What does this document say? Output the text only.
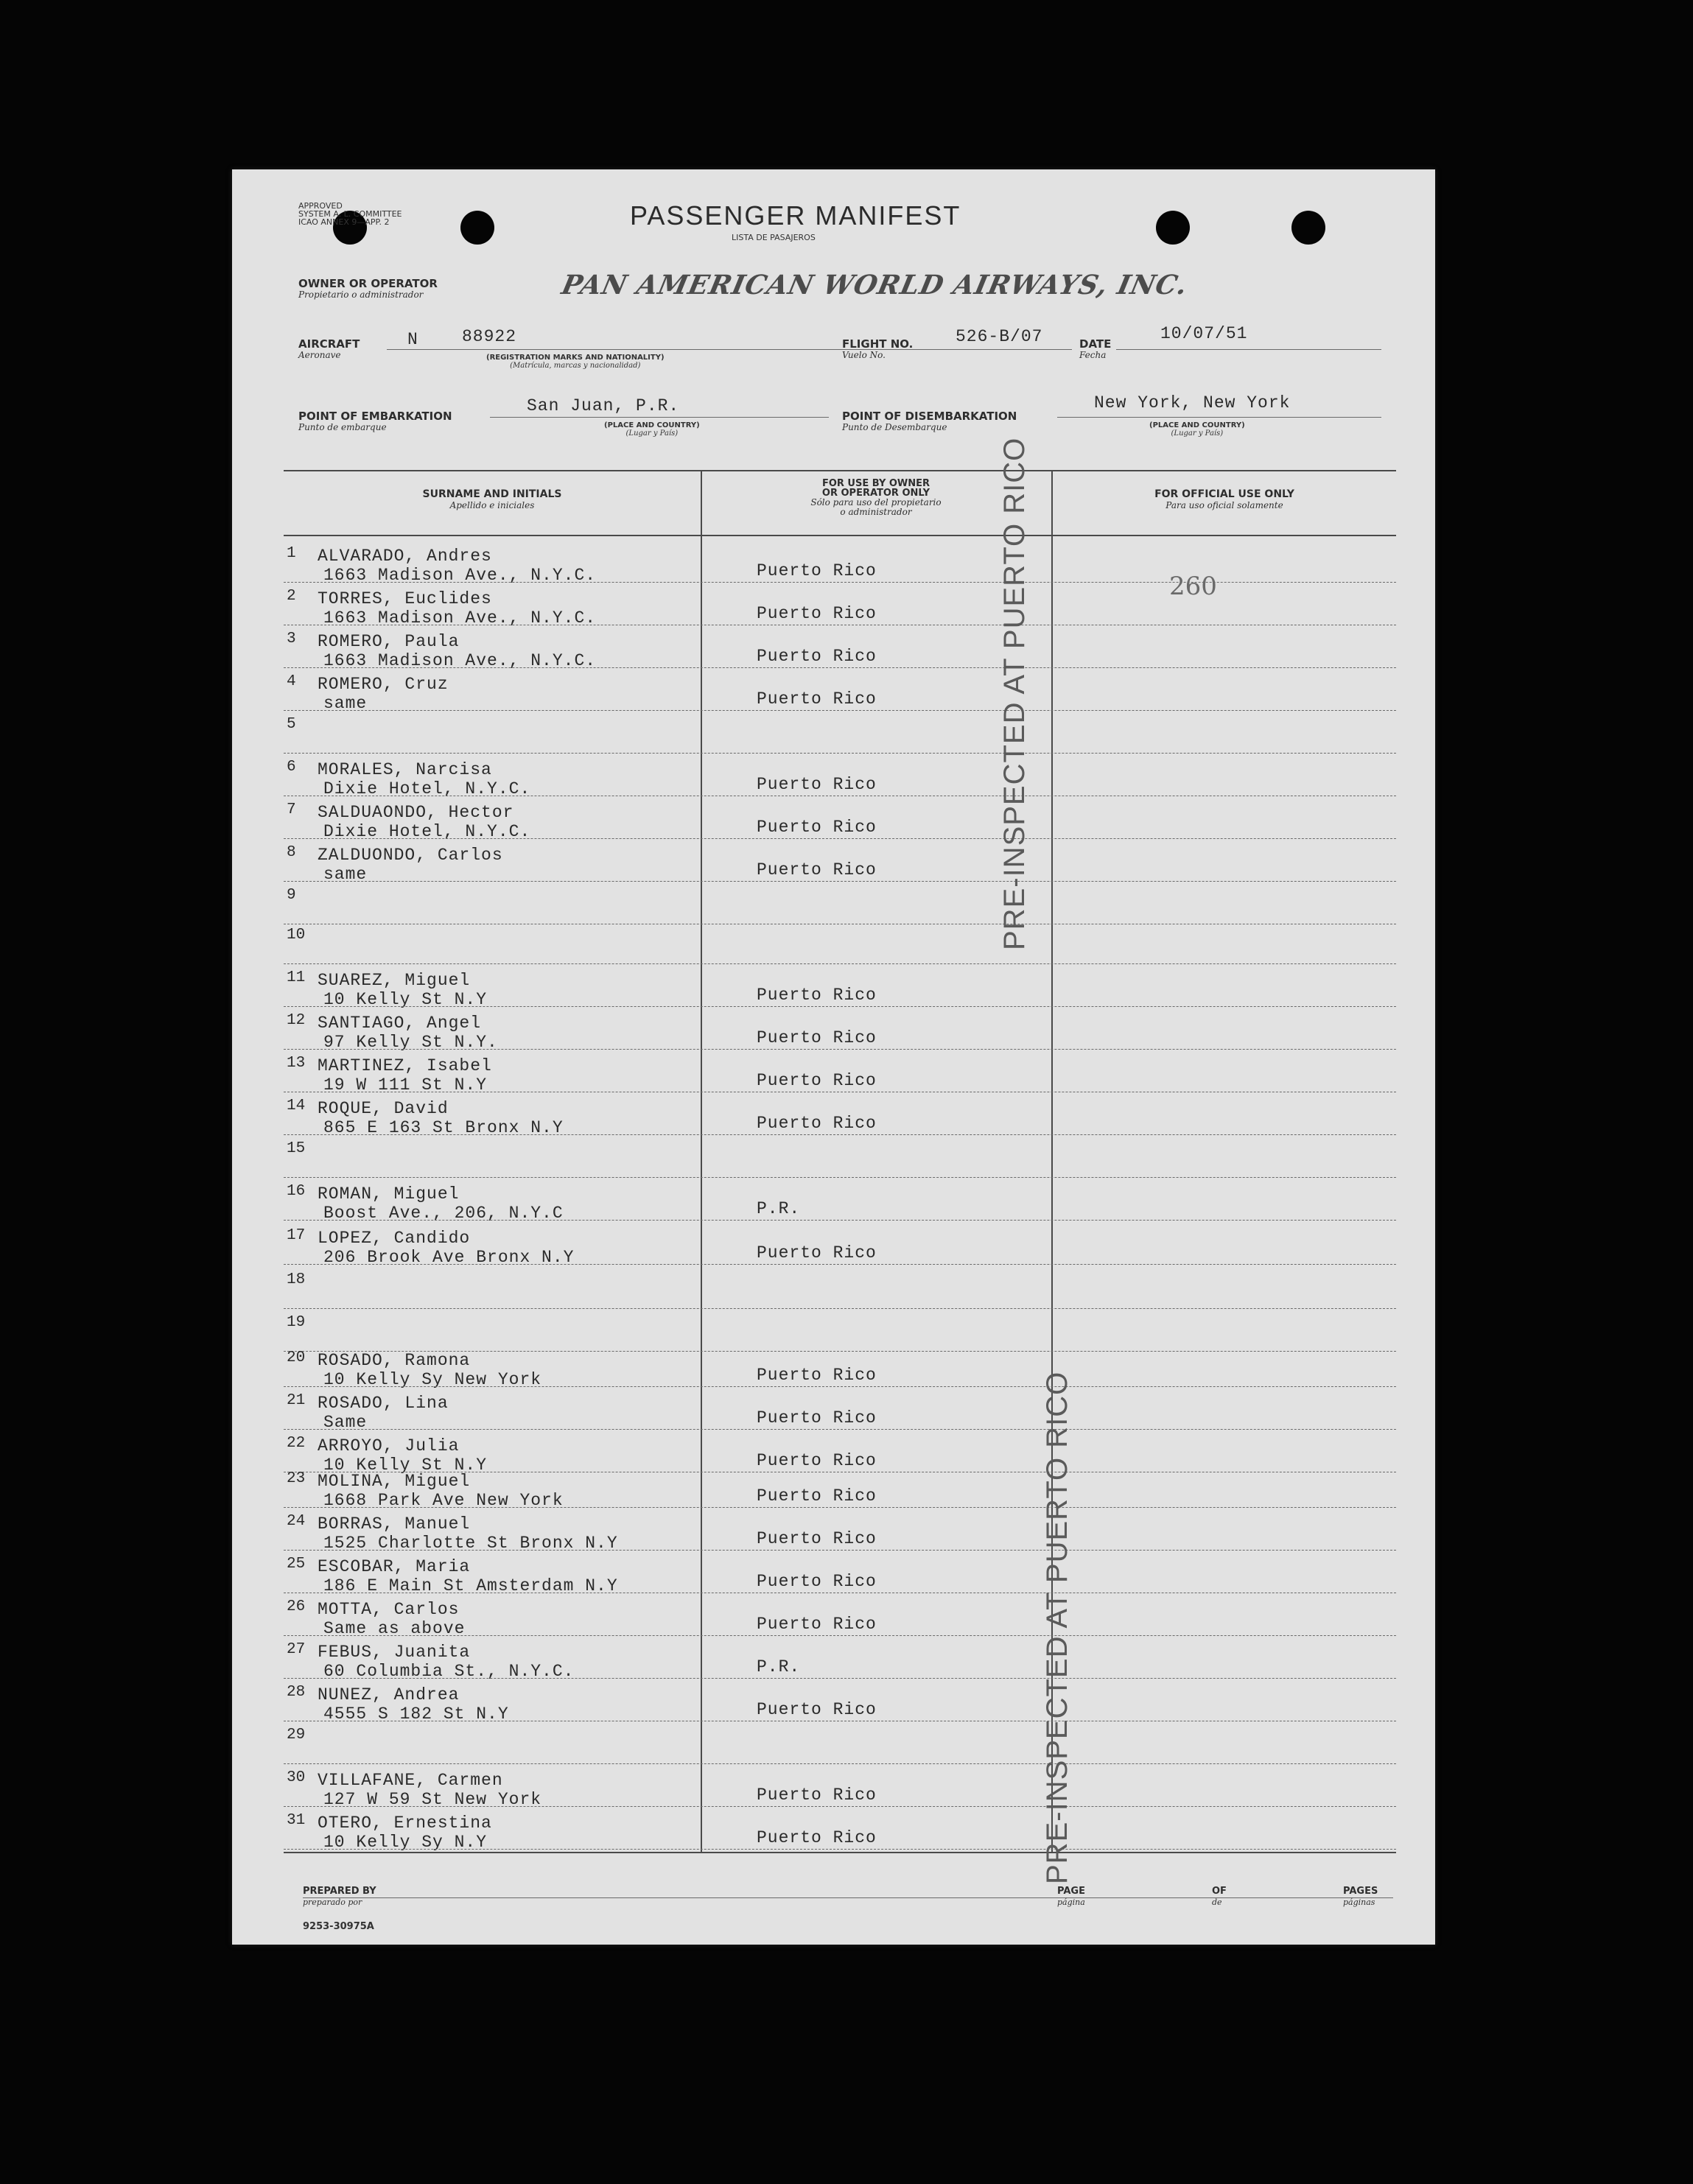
APPROVED
SYSTEM A. L. COMMITTEE
ICAO ANNEX 9—APP. 2	PASSENGER MANIFEST
LISTA DE PASAJEROS
OWNER OR OPERATOR
Propietario o administrador	PAN AMERICAN WORLD AIRWAYS, INC.
AIRCRAFT
Aeronave
N	88922
(REGISTRATION MARKS AND NATIONALITY)
(Matrícula, marcas y nacionalidad)
FLIGHT NO.
Vuelo No.
526-B/07	DATE
Fecha
10/07/51
POINT OF EMBARKATION
Punto de embarque
San Juan, P.R.
(PLACE AND COUNTRY)
(Lugar y País)
POINT OF DISEMBARKATION
Punto de Desembarque
New York, New York
(PLACE AND COUNTRY)
(Lugar y País)
SURNAME AND INITIALS
Apellido e iniciales
FOR USE BY OWNER
OR OPERATOR ONLY
Sólo para uso del propietario
o administrador
FOR OFFICIAL USE ONLY
Para uso oficial solamente
1 ALVARADO, Andres
1663 Madison Ave., N.Y.C.	Puerto Rico
2 TORRES, Euclides
1663 Madison Ave., N.Y.C.	Puerto Rico
3 ROMERO, Paula
1663 Madison Ave., N.Y.C.	Puerto Rico
4 ROMERO, Cruz
same	Puerto Rico
5
6 MORALES, Narcisa
Dixie Hotel, N.Y.C.	Puerto Rico
7 SALDUAONDO, Hector
Dixie Hotel, N.Y.C.	Puerto Rico
8 ZALDUONDO, Carlos
same	Puerto Rico
9
10
11 SUAREZ, Miguel
10 Kelly St N.Y	Puerto Rico
12 SANTIAGO, Angel
97 Kelly St N.Y.	Puerto Rico
13 MARTINEZ, Isabel
19 W 111 St N.Y	Puerto Rico
14 ROQUE, David
865 E 163 St Bronx N.Y	Puerto Rico
15
16 ROMAN, Miguel
Boost Ave., 206, N.Y.C	P.R.
17 LOPEZ, Candido
206 Brook Ave Bronx N.Y	Puerto Rico
18
19
20 ROSADO, Ramona
10 Kelly Sy New York	Puerto Rico
21 ROSADO, Lina
Same	Puerto Rico
22 ARROYO, Julia
10 Kelly St N.Y	Puerto Rico
23 MOLINA, Miguel
1668 Park Ave New York	Puerto Rico
24 BORRAS, Manuel
1525 Charlotte St Bronx N.Y	Puerto Rico
25 ESCOBAR, Maria
186 E Main St Amsterdam N.Y	Puerto Rico
26 MOTTA, Carlos
Same as above	Puerto Rico
27 FEBUS, Juanita
60 Columbia St., N.Y.C.	P.R.
28 NUNEZ, Andrea
4555 S 182 St N.Y	Puerto Rico
29
30 VILLAFANE, Carmen
127 W 59 St New York	Puerto Rico
31 OTERO, Ernestina
10 Kelly Sy N.Y	Puerto Rico
260
PRE-INSPECTED AT PUERTO RICO
PRE-INSPECTED AT PUERTO RICO
PREPARED BY
preparado por
PAGE
página
OF
de
PAGES
páginas
9253-30975A
